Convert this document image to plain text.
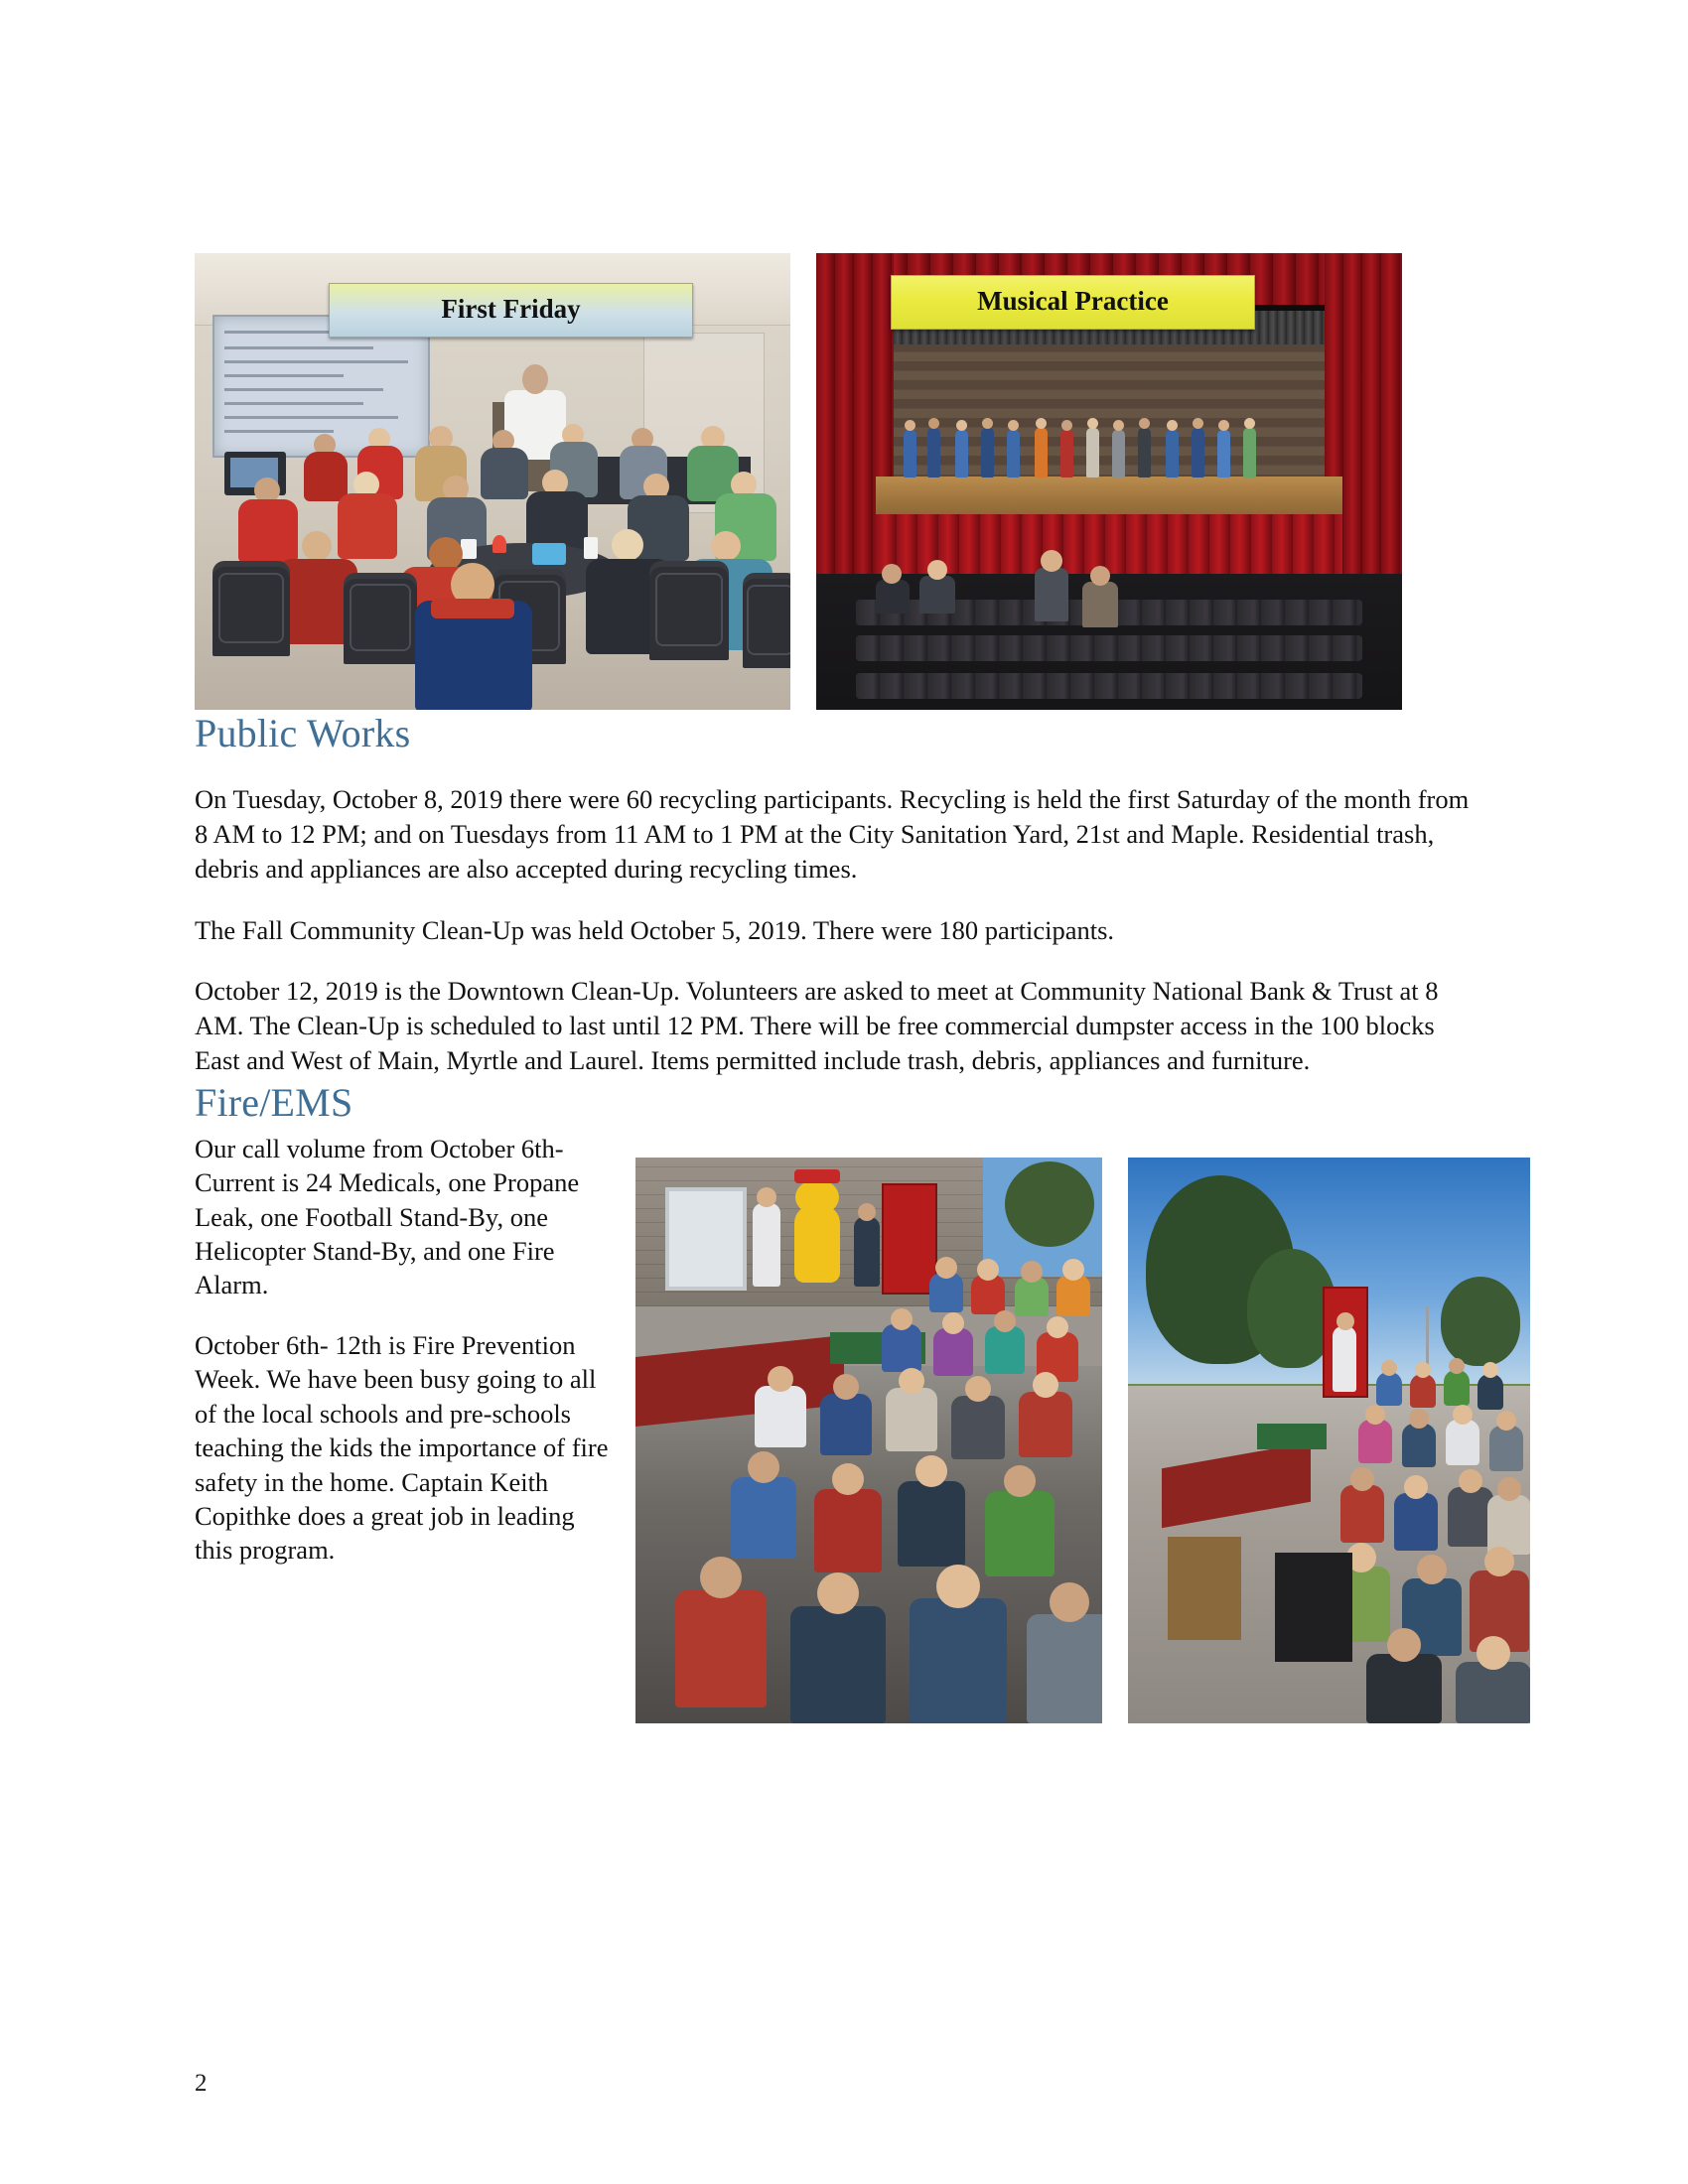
First Friday	Musical Practice
Public Works

On Tuesday, October 8, 2019 there were 60 recycling participants. Recycling is held the first Saturday of the month from 8 AM to 12 PM; and on Tuesdays from 11 AM to 1 PM at the City Sanitation Yard, 21st and Maple. Residential trash, debris and appliances are also accepted during recycling times.

The Fall Community Clean-Up was held October 5, 2019. There were 180 participants.

October 12, 2019 is the Downtown Clean-Up. Volunteers are asked to meet at Community National Bank & Trust at 8 AM. The Clean-Up is scheduled to last until 12 PM. There will be free commercial dumpster access in the 100 blocks East and West of Main, Myrtle and Laurel. Items permitted include trash, debris, appliances and furniture.

Fire/EMS

Our call volume from October 6th- Current is 24 Medicals, one Propane Leak, one Football Stand-By, one Helicopter Stand-By, and one Fire Alarm.

October 6th- 12th is Fire Prevention Week. We have been busy going to all of the local schools and pre-schools teaching the kids the importance of fire safety in the home. Captain Keith Copithke does a great job in leading this program.

2
